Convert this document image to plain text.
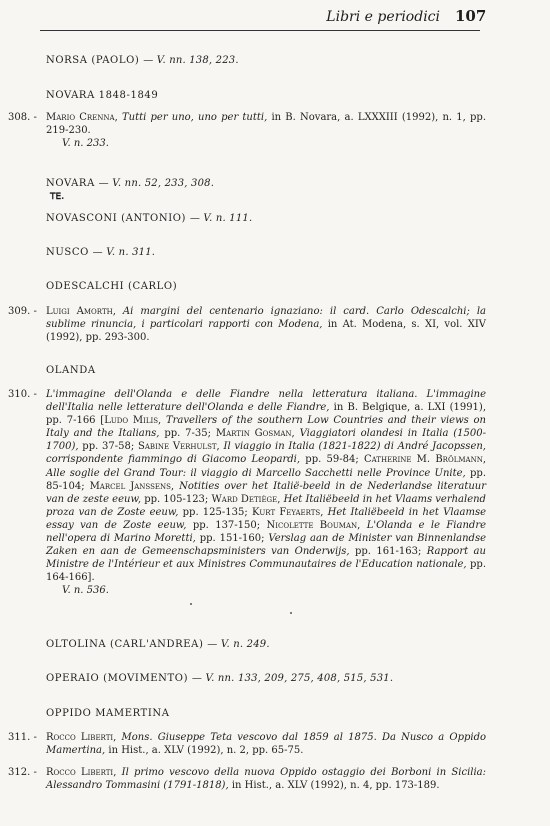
Libri e periodici 107
NORSA (PAOLO) — V. nn. 138, 223.
NOVARA 1848-1849
308. - Mario Crenna, Tutti per uno, uno per tutti, in B. Novara, a. LXXXIII (1992), n. 1, pp. 219-230.
V. n. 233.
NOVARA — V. nn. 52, 233, 308.
ꓔꓰ.
NOVASCONI (ANTONIO) — V. n. 111.
NUSCO — V. n. 311.
ODESCALCHI (CARLO)
309. - Luigi Amorth, Ai margini del centenario ignaziano: il card. Carlo Odescalchi; la sublime rinuncia, i particolari rapporti con Modena, in At. Modena, s. XI, vol. XIV (1992), pp. 293-300.
OLANDA
310. - L'immagine dell'Olanda e delle Fiandre nella letteratura italiana. L'immagine dell'Italia nelle letterature dell'Olanda e delle Fiandre, in B. Belgique, a. LXI (1991), pp. 7-166 [Ludo Milis, Travellers of the southern Low Countries and their views on Italy and the Italians, pp. 7-35; Martin Gosman, Viaggiatori olandesi in Italia (1500-1700), pp. 37-58; Sabine Verhulst, Il viaggio in Italia (1821-1822) di André Jacopssen, corrispondente fiammingo di Giacomo Leopardi, pp. 59-84; Catherine M. Brölmann, Alle soglie del Grand Tour: il viaggio di Marcello Sacchetti nelle Province Unite, pp. 85-104; Marcel Janssens, Notities over het Italië-beeld in de Nederlandse literatuur van de zeste eeuw, pp. 105-123; Ward Detiège, Het Italiëbeeld in het Vlaams verhalend proza van de Zoste eeuw, pp. 125-135; Kurt Feyaerts, Het Italiëbeeld in het Vlaamse essay van de Zoste eeuw, pp. 137-150; Nicolette Bouman, L'Olanda e le Fiandre nell'opera di Marino Moretti, pp. 151-160; Verslag aan de Minister van Binnenlandse Zaken en aan de Gemeenschapsministers van Onderwijs, pp. 161-163; Rapport au Ministre de l'Intérieur et aux Ministres Communautaires de l'Education nationale, pp. 164-166].
V. n. 536.
OLTOLINA (CARL'ANDREA) — V. n. 249.
OPERAIO (MOVIMENTO) — V. nn. 133, 209, 275, 408, 515, 531.
OPPIDO MAMERTINA
311. - Rocco Liberti, Mons. Giuseppe Teta vescovo dal 1859 al 1875. Da Nusco a Oppido Mamertina, in Hist., a. XLV (1992), n. 2, pp. 65-75.
312. - Rocco Liberti, Il primo vescovo della nuova Oppido ostaggio dei Borboni in Sicilia: Alessandro Tommasini (1791-1818), in Hist., a. XLV (1992), n. 4, pp. 173-189.
